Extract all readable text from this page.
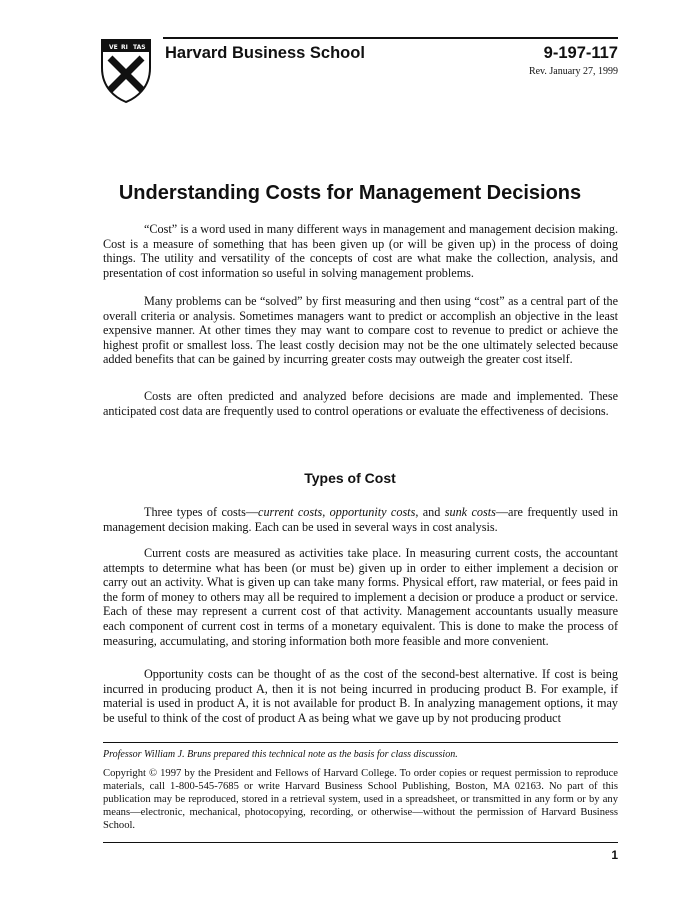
VE RI TAS Harvard Business School	9-197-117
Rev. January 27, 1999
Understanding Costs for Management Decisions

“Cost” is a word used in many different ways in management and management decision making. Cost is a measure of something that has been given up (or will be given up) in the process of doing things. The utility and versatility of the concepts of cost are what make the collection, analysis, and presentation of cost information so useful in solving management problems.

Many problems can be “solved” by first measuring and then using “cost” as a central part of the overall criteria or analysis. Sometimes managers want to predict or accomplish an objective in the least expensive manner. At other times they may want to compare cost to revenue to predict or achieve the highest profit or smallest loss. The least costly decision may not be the one ultimately selected because added benefits that can be gained by incurring greater costs may outweigh the greater cost itself.

Costs are often predicted and analyzed before decisions are made and implemented. These anticipated cost data are frequently used to control operations or evaluate the effectiveness of decisions.

Types of Cost

Three types of costs—current costs, opportunity costs, and sunk costs—are frequently used in management decision making. Each can be used in several ways in cost analysis.

Current costs are measured as activities take place. In measuring current costs, the accountant attempts to determine what has been (or must be) given up in order to either implement a decision or carry out an activity. What is given up can take many forms. Physical effort, raw material, or fees paid in the form of money to others may all be required to implement a decision or produce a product or service. Each of these may represent a current cost of that activity. Management accountants usually measure each component of current cost in terms of a monetary equivalent. This is done to make the process of measuring, accumulating, and storing information both more feasible and more convenient.

Opportunity costs can be thought of as the cost of the second-best alternative. If cost is being incurred in producing product A, then it is not being incurred in producing product B. For example, if material is used in product A, it is not available for product B. In analyzing management options, it may be useful to think of the cost of product A as being what we gave up by not producing product

Professor William J. Bruns prepared this technical note as the basis for class discussion.

Copyright © 1997 by the President and Fellows of Harvard College. To order copies or request permission to reproduce materials, call 1-800-545-7685 or write Harvard Business School Publishing, Boston, MA 02163. No part of this publication may be reproduced, stored in a retrieval system, used in a spreadsheet, or transmitted in any form or by any means—electronic, mechanical, photocopying, recording, or otherwise—without the permission of Harvard Business School.

1
